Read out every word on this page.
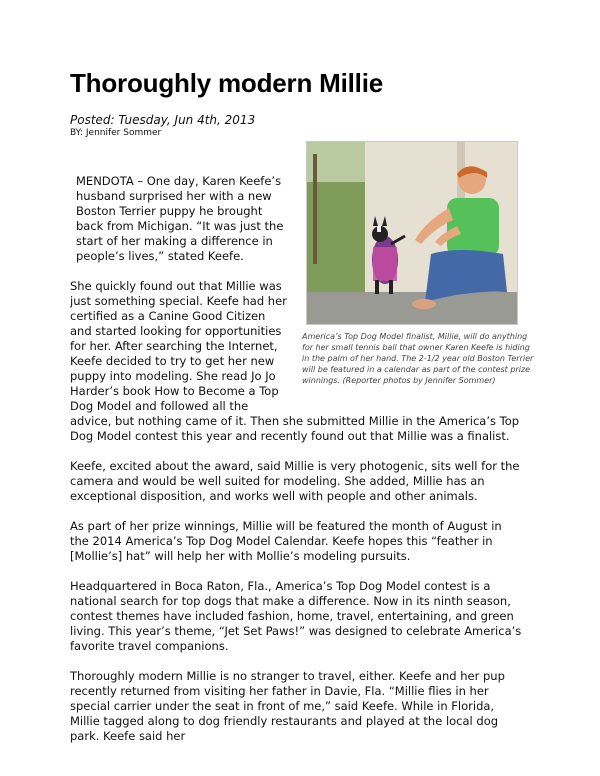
Thoroughly modern Millie
Posted: Tuesday, Jun 4th, 2013
BY: Jennifer Sommer
America’s Top Dog Model finalist, Millie, will do anything for her small tennis ball that owner Karen Keefe is hiding in the palm of her hand. The 2-1/2 year old Boston Terrier will be featured in a calendar as part of the contest prize winnings. (Reporter photos by Jennifer Sommer)

MENDOTA – One day, Karen Keefe’s husband surprised her with a new Boston Terrier puppy he brought back from Michigan. “It was just the start of her making a difference in people’s lives,” stated Keefe.

She quickly found out that Millie was just something special. Keefe had her certified as a Canine Good Citizen and started looking for opportunities for her. After searching the Internet, Keefe decided to try to get her new puppy into modeling. She read Jo Jo Harder’s book How to Become a Top Dog Model and followed all the advice, but nothing came of it. Then she submitted Millie in the America’s Top Dog Model contest this year and recently found out that Millie was a finalist.

Keefe, excited about the award, said Millie is very photogenic, sits well for the camera and would be well suited for modeling. She added, Millie has an exceptional disposition, and works well with people and other animals.

As part of her prize winnings, Millie will be featured the month of August in the 2014 America’s Top Dog Model Calendar. Keefe hopes this “feather in [Mollie’s] hat” will help her with Mollie’s modeling pursuits.

Headquartered in Boca Raton, Fla., America’s Top Dog Model contest is a national search for top dogs that make a difference. Now in its ninth season, contest themes have included fashion, home, travel, entertaining, and green living. This year’s theme, “Jet Set Paws!” was designed to celebrate America’s favorite travel companions.

Thoroughly modern Millie is no stranger to travel, either. Keefe and her pup recently returned from visiting her father in Davie, Fla. “Millie flies in her special carrier under the seat in front of me,” said Keefe. While in Florida, Millie tagged along to dog friendly restaurants and played at the local dog park. Keefe said her
